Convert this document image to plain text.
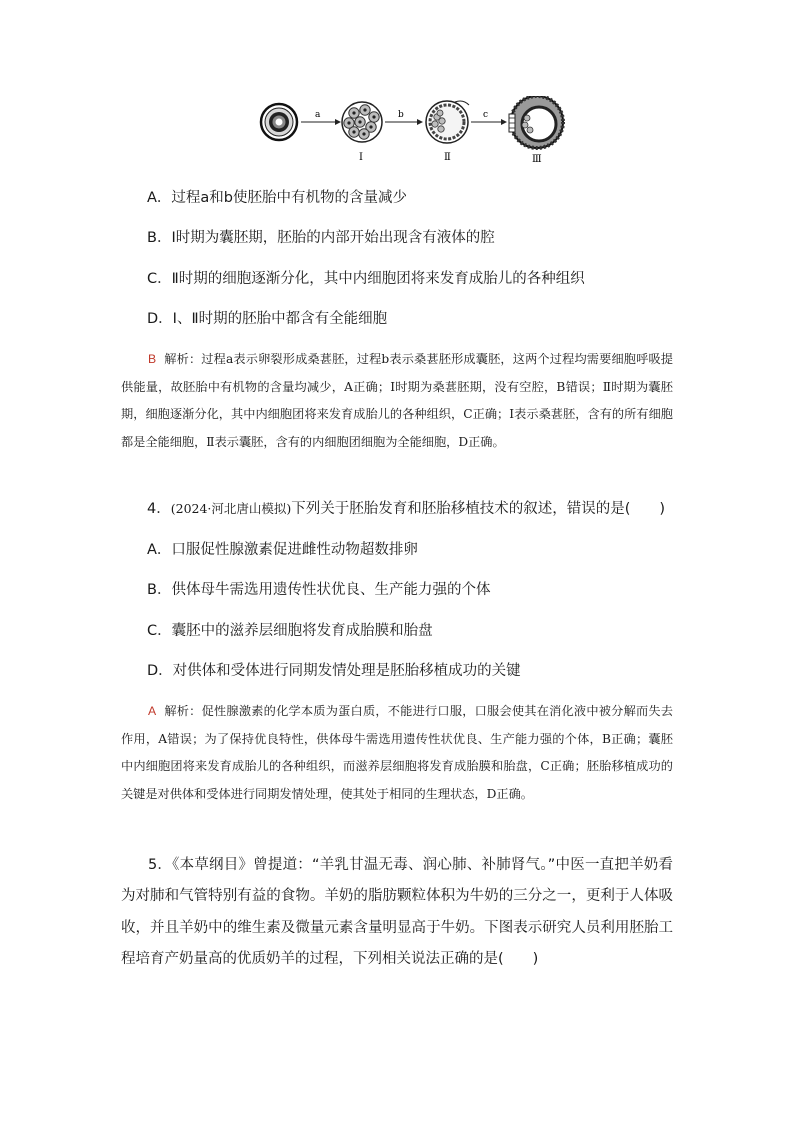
a
Ⅰ
b
Ⅱ
c
Ⅲ
A．过程a和b使胚胎中有机物的含量减少
B．Ⅰ时期为囊胚期，胚胎的内部开始出现含有液体的腔
C．Ⅱ时期的细胞逐渐分化，其中内细胞团将来发育成胎儿的各种组织
D．Ⅰ、Ⅱ时期的胚胎中都含有全能细胞
B 解析：过程a表示卵裂形成桑葚胚，过程b表示桑葚胚形成囊胚，这两个过程均需要细胞呼吸提供能量，故胚胎中有机物的含量均减少，A正确；Ⅰ时期为桑葚胚期，没有空腔，B错误；Ⅱ时期为囊胚期，细胞逐渐分化，其中内细胞团将来发育成胎儿的各种组织，C正确；Ⅰ表示桑葚胚，含有的所有细胞都是全能细胞，Ⅱ表示囊胚，含有的内细胞团细胞为全能细胞，D正确。
4．(2024·河北唐山模拟)下列关于胚胎发育和胚胎移植技术的叙述，错误的是(　　)
A．口服促性腺激素促进雌性动物超数排卵
B．供体母牛需选用遗传性状优良、生产能力强的个体
C．囊胚中的滋养层细胞将发育成胎膜和胎盘
D．对供体和受体进行同期发情处理是胚胎移植成功的关键
A 解析：促性腺激素的化学本质为蛋白质，不能进行口服，口服会使其在消化液中被分解而失去作用，A错误；为了保持优良特性，供体母牛需选用遗传性状优良、生产能力强的个体，B正确；囊胚中内细胞团将来发育成胎儿的各种组织，而滋养层细胞将发育成胎膜和胎盘，C正确；胚胎移植成功的关键是对供体和受体进行同期发情处理，使其处于相同的生理状态，D正确。
5．《本草纲目》曾提道：“羊乳甘温无毒、润心肺、补肺肾气。”中医一直把羊奶看为对肺和气管特别有益的食物。羊奶的脂肪颗粒体积为牛奶的三分之一，更利于人体吸收，并且羊奶中的维生素及微量元素含量明显高于牛奶。下图表示研究人员利用胚胎工程培育产奶量高的优质奶羊的过程，下列相关说法正确的是(　　)
